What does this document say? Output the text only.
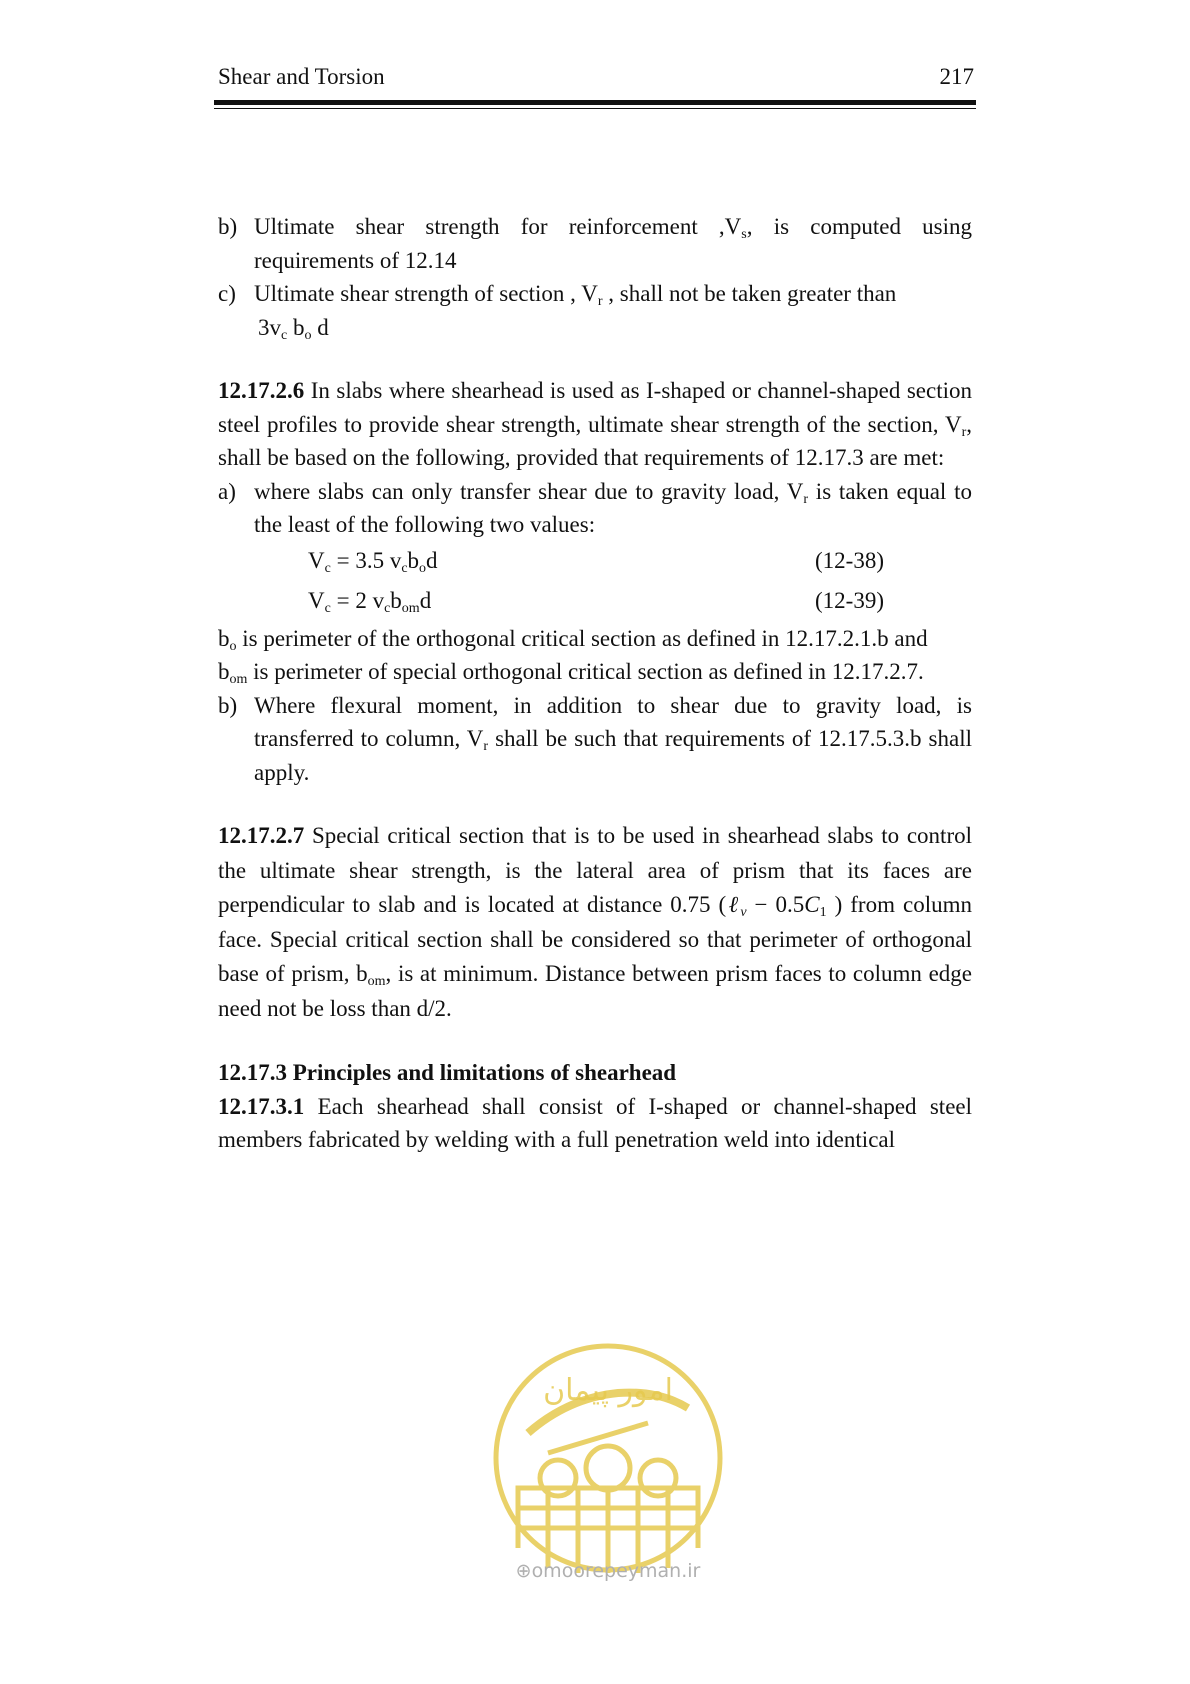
Shear and Torsion	217
b) Ultimate shear strength for reinforcement $,V_s$, is computed using requirements of 12.14
c) Ultimate shear strength of section , $V_r$ , shall not be taken greater than
$3v_c$ $b_o$ d

12.17.2.6 In slabs where shearhead is used as I-shaped or channel-shaped section steel profiles to provide shear strength, ultimate shear strength of the section, $V_r$, shall be based on the following, provided that requirements of 12.17.3 are met:

a) where slabs can only transfer shear due to gravity load, $V_r$ is taken equal to the least of the following two values:
$V_c = 3.5$ $v_cb_od$	(12-38)
$V_c = 2$ $v_cb_{om}d$	(12-39)

$b_o$ is perimeter of the orthogonal critical section as defined in 12.17.2.1.b and
$b_{om}$ is perimeter of special orthogonal critical section as defined in 12.17.2.7.

b) Where flexural moment, in addition to shear due to gravity load, is transferred to column, $V_r$ shall be such that requirements of 12.17.5.3.b shall apply.

12.17.2.7 Special critical section that is to be used in shearhead slabs to control the ultimate shear strength, is the lateral area of prism that its faces are perpendicular to slab and is located at distance 0.75 (ℓ$_v$ − $0.5C_1$ ) from column face. Special critical section shall be considered so that perimeter of orthogonal base of prism, $b_{om}$, is at minimum. Distance between prism faces to column edge need not be loss than d/2.

12.17.3 Principles and limitations of shearhead

12.17.3.1 Each shearhead shall consist of I-shaped or channel-shaped steel members fabricated by welding with a full penetration weld into identical

امور پیمان
⊕omoorepeyman.ir
